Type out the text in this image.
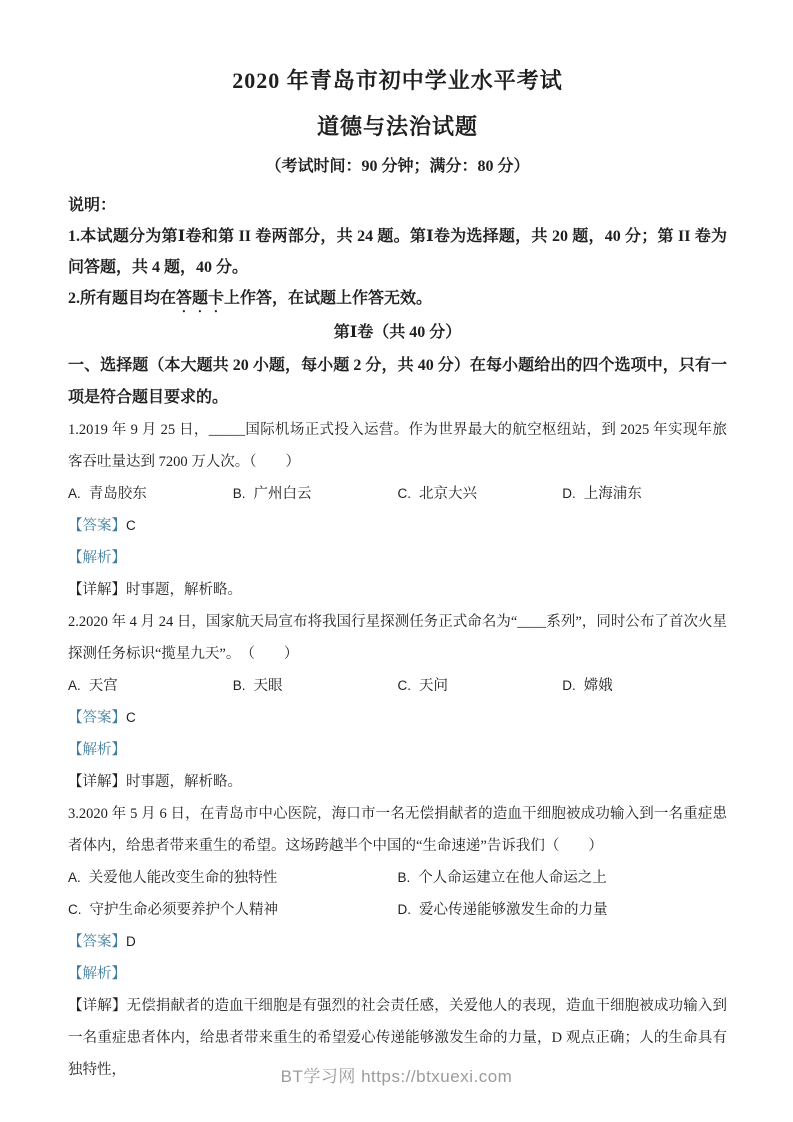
2020 年青岛市初中学业水平考试
道德与法治试题
（考试时间：90 分钟；满分：80 分）

说明：

1.本试题分为第Ⅰ卷和第 II 卷两部分，共 24 题。第Ⅰ卷为选择题，共 20 题，40 分；第 II 卷为问答题，共 4 题，40 分。

2.所有题目均在答题卡上作答，在试题上作答无效。

第Ⅰ卷（共 40 分）

一、选择题（本大题共 20 小题，每小题 2 分，共 40 分）在每小题给出的四个选项中，只有一项是符合题目要求的。

1.2019 年 9 月 25 日，_____国际机场正式投入运营。作为世界最大的航空枢纽站，到 2025 年实现年旅客吞吐量达到 7200 万人次。（　　）

A. 青岛胶东	B. 广州白云	C. 北京大兴	D. 上海浦东

【答案】C

【解析】

【详解】时事题，解析略。

2.2020 年 4 月 24 日，国家航天局宣布将我国行星探测任务正式命名为“____系列”，同时公布了首次火星探测任务标识“揽星九天”。　（　　）

A. 天宫	B. 天眼	C. 天问	D. 嫦娥

【答案】C

【解析】

【详解】时事题，解析略。

3.2020 年 5 月 6 日，在青岛市中心医院，海口市一名无偿捐献者的造血干细胞被成功输入到一名重症患者体内，给患者带来重生的希望。这场跨越半个中国的“生命速递”告诉我们（　　）

A. 关爱他人能改变生命的独特性	B. 个人命运建立在他人命运之上
C. 守护生命必须要养护个人精神	D. 爱心传递能够激发生命的力量

【答案】D

【解析】

【详解】无偿捐献者的造血干细胞是有强烈的社会责任感，关爱他人的表现，造血干细胞被成功输入到一名重症患者体内，给患者带来重生的希望爱心传递能够激发生命的力量，D 观点正确；人的生命具有独特性，	BT学习网 https://btxuexi.com
